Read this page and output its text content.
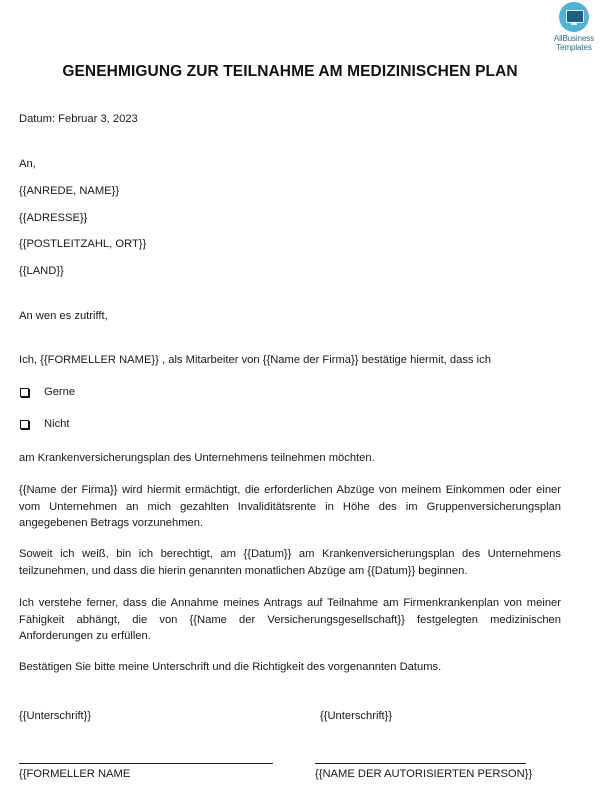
AllBusiness
Templates
GENEHMIGUNG ZUR TEILNAHME AM MEDIZINISCHEN PLAN
Datum: Februar 3, 2023
An,
{{ANREDE, NAME}}
{{ADRESSE}}
{{POSTLEITZAHL, ORT}}
{{LAND}}
An wen es zutrifft,
Ich, {{FORMELLER NAME}} , als Mitarbeiter von {{Name der Firma}} bestätige hiermit, dass ich
Gerne
Nicht
am Krankenversicherungsplan des Unternehmens teilnehmen möchten.
{{Name der Firma}} wird hiermit ermächtigt, die erforderlichen Abzüge von meinem Einkommen oder einer vom Unternehmen an mich gezahlten Invaliditätsrente in Höhe des im Gruppenversicherungsplan angegebenen Betrags vorzunehmen.
Soweit ich weiß, bin ich berechtigt, am {{Datum}} am Krankenversicherungsplan des Unternehmens teilzunehmen, und dass die hierin genannten monatlichen Abzüge am {{Datum}} beginnen.
Ich verstehe ferner, dass die Annahme meines Antrags auf Teilnahme am Firmenkrankenplan von meiner Fähigkeit abhängt, die von {{Name der Versicherungsgesellschaft}} festgelegten medizinischen Anforderungen zu erfüllen.
Bestätigen Sie bitte meine Unterschrift und die Richtigkeit des vorgenannten Datums.
{{Unterschrift}}	{{Unterschrift}}
{{FORMELLER NAME	{{NAME DER AUTORISIERTEN PERSON}}
